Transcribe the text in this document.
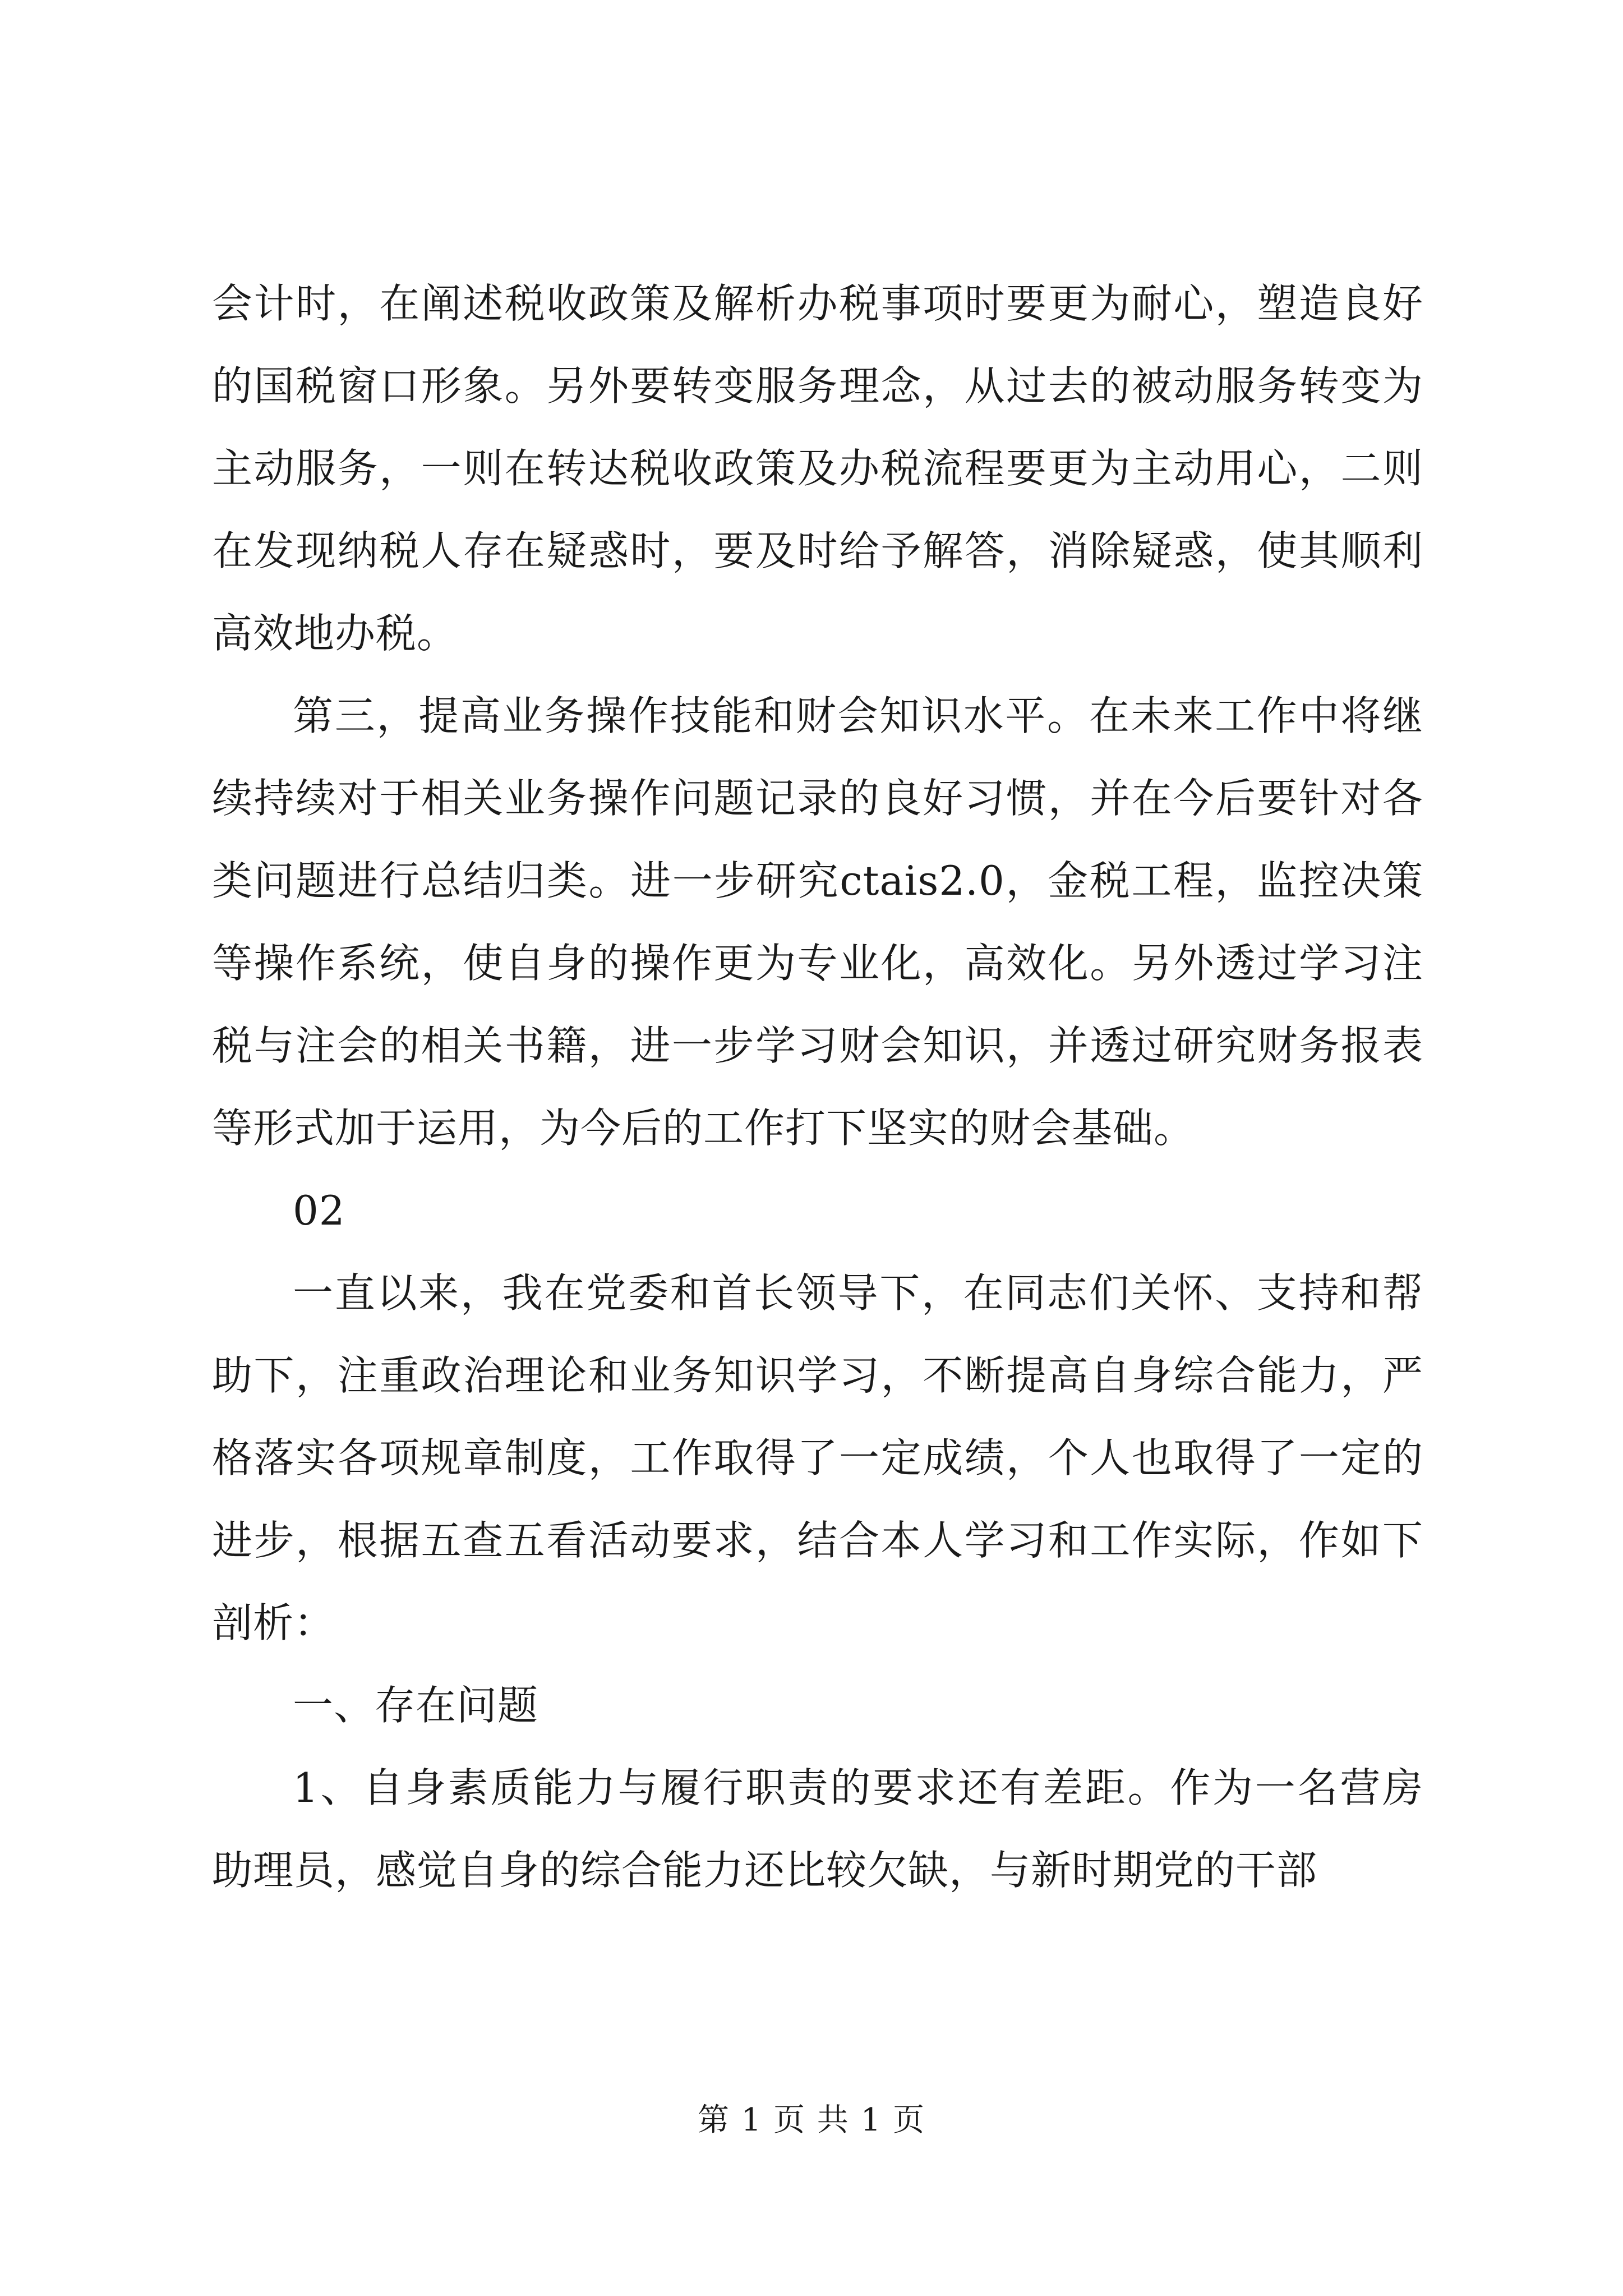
会计时，在阐述税收政策及解析办税事项时要更为耐心，塑造良好的国税窗口形象。另外要转变服务理念，从过去的被动服务转变为主动服务，一则在转达税收政策及办税流程要更为主动用心，二则在发现纳税人存在疑惑时，要及时给予解答，消除疑惑，使其顺利高效地办税。

第三，提高业务操作技能和财会知识水平。在未来工作中将继续持续对于相关业务操作问题记录的良好习惯，并在今后要针对各类问题进行总结归类。进一步研究ctais2.0，金税工程，监控决策等操作系统，使自身的操作更为专业化，高效化。另外透过学习注税与注会的相关书籍，进一步学习财会知识，并透过研究财务报表等形式加于运用，为今后的工作打下坚实的财会基础。

02

一直以来，我在党委和首长领导下，在同志们关怀、支持和帮助下，注重政治理论和业务知识学习，不断提高自身综合能力，严格落实各项规章制度，工作取得了一定成绩，个人也取得了一定的进步，根据五查五看活动要求，结合本人学习和工作实际，作如下剖析：

一、存在问题

1、自身素质能力与履行职责的要求还有差距。作为一名营房助理员，感觉自身的综合能力还比较欠缺，与新时期党的干部

第 1 页 共 1 页
